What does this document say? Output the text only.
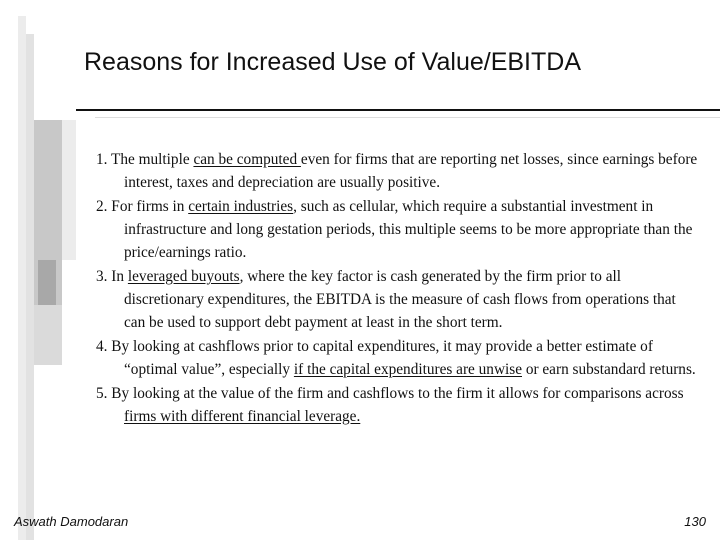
Reasons for Increased Use of Value/EBITDA
1. The multiple can be computed even for firms that are reporting net losses, since earnings before interest, taxes and depreciation are usually positive.
2. For firms in certain industries, such as cellular, which require a substantial investment in infrastructure and long gestation periods, this multiple seems to be more appropriate than the price/earnings ratio.
3. In leveraged buyouts, where the key factor is cash generated by the firm prior to all discretionary expenditures, the EBITDA is the measure of cash flows from operations that can be used to support debt payment at least in the short term.
4. By looking at cashflows prior to capital expenditures, it may provide a better estimate of “optimal value”, especially if the capital expenditures are unwise or earn substandard returns.
5. By looking at the value of the firm and cashflows to the firm it allows for comparisons across firms with different financial leverage.
Aswath Damodaran	130
